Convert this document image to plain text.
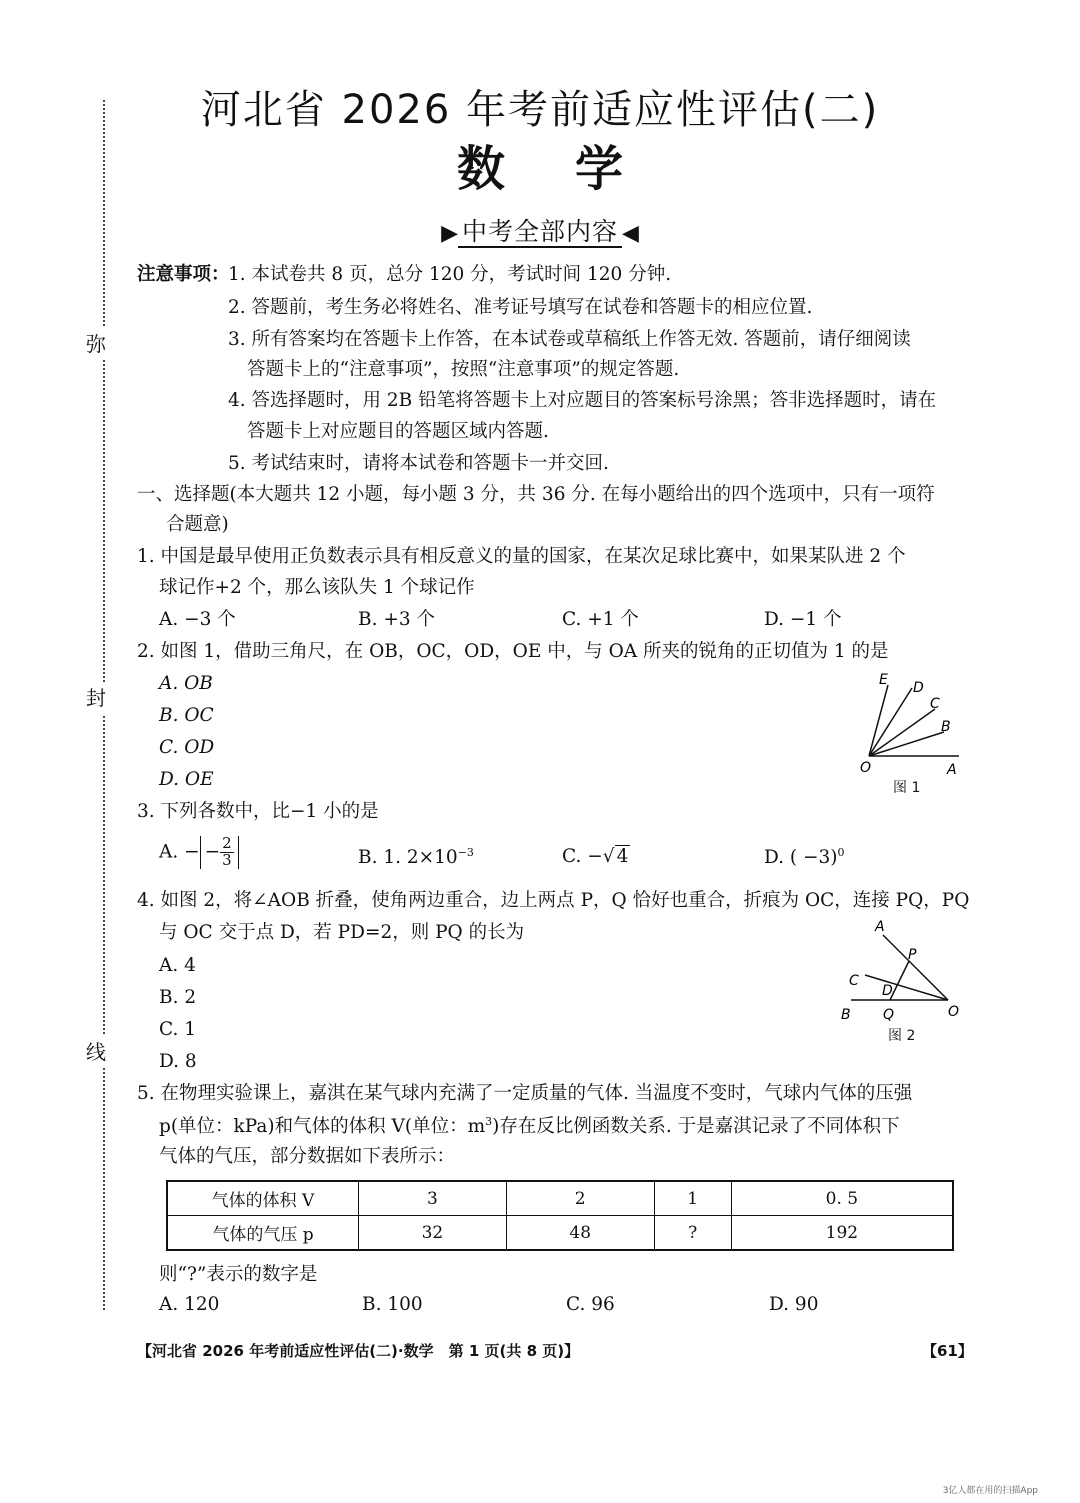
弥
封
线
河北省 2026 年考前适应性评估(二)
数学
▶ 中考全部内容 ◀
注意事项：
1. 本试卷共 8 页，总分 120 分，考试时间 120 分钟.
2. 答题前，考生务必将姓名、准考证号填写在试卷和答题卡的相应位置.
3. 所有答案均在答题卡上作答，在本试卷或草稿纸上作答无效. 答题前，请仔细阅读
答题卡上的“注意事项”，按照“注意事项”的规定答题.
4. 答选择题时，用 2B 铅笔将答题卡上对应题目的答案标号涂黑；答非选择题时，请在
答题卡上对应题目的答题区域内答题.
5. 考试结束时，请将本试卷和答题卡一并交回.
一、选择题(本大题共 12 小题，每小题 3 分，共 36 分. 在每小题给出的四个选项中，只有一项符
合题意)
1. 中国是最早使用正负数表示具有相反意义的量的国家，在某次足球比赛中，如果某队进 2 个
球记作+2 个，那么该队失 1 个球记作
A. −3 个	B. +3 个	C. +1 个	D. −1 个
2. 如图 1，借助三角尺，在 OB，OC，OD，OE 中，与 OA 所夹的锐角的正切值为 1 的是
A. OB
B. OC
C. OD
D. OE
E D
C
B
O	A
图 1
3. 下列各数中，比−1 小的是
A. − − $\frac{2}{3}$	B. 1. $2\times 10^{-3}$	C. −√ 4	D. ( −3)$^0$
4. 如图 2，将∠AOB 折叠，使角两边重合，边上两点 P，Q 恰好也重合，折痕为 OC，连接 PQ，PQ
与 OC 交于点 D，若 PD=2，则 PQ 的长为
A. 4
B. 2
C. 1
D. 8
A
P
C
D
B Q	O
图 2
5. 在物理实验课上，嘉淇在某气球内充满了一定质量的气体. 当温度不变时，气球内气体的压强
p(单位：kPa)和气体的体积 V(单位：$m^3$)存在反比例函数关系. 于是嘉淇记录了不同体积下
气体的气压，部分数据如下表所示：
气体的体积 V	3	2	1	0. 5
气体的气压 p	32	48	?	192
则“?”表示的数字是
A. 120	B. 100	C. 96	D. 90
【河北省 2026 年考前适应性评估(二)·数学　第 1 页(共 8 页)】	【61】
3亿人都在用的扫描App
